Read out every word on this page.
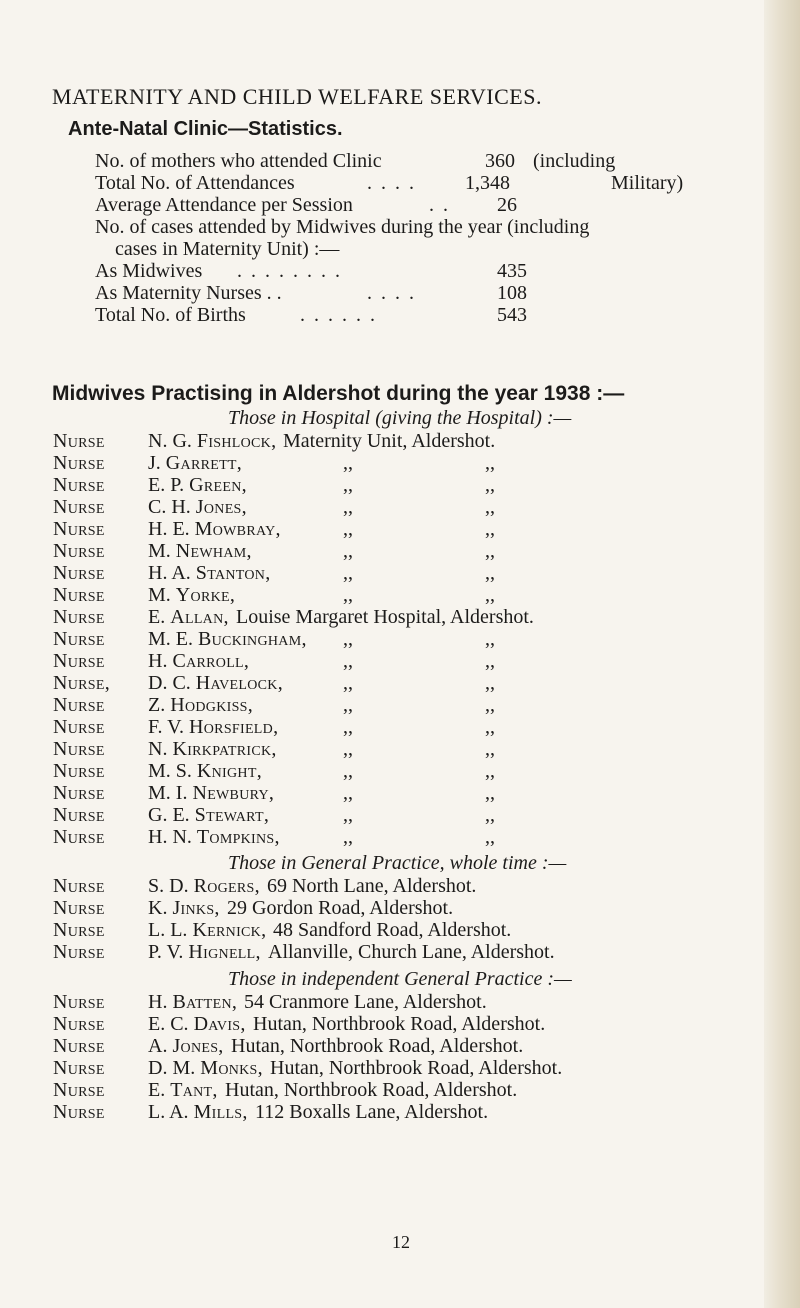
MATERNITY AND CHILD WELFARE SERVICES.
Ante-Natal Clinic—Statistics.
No. of mothers who attended Clinic	360 (including
Total No. of Attendances	. . . . 1,348	Military)
Average Attendance per Session	. . 26
No. of cases attended by Midwives during the year (including
cases in Maternity Unit) :—
As Midwives . . . . . . . .	435
As Maternity Nurses . .	. . . .	108
Total No. of Births	. . . . . .	543
Midwives Practising in Aldershot during the year 1938 :—
Those in Hospital (giving the Hospital) :—
Nurse N. G. Fishlock, Maternity Unit, Aldershot.
Nurse J. Garrett,	,,	,,
Nurse E. P. Green,	,,	,,
Nurse C. H. Jones,	,,	,,
Nurse H. E. Mowbray,	,,	,,
Nurse M. Newham,	,,	,,
Nurse H. A. Stanton,	,,	,,
Nurse M. Yorke,	,,	,,
Nurse E. Allan, Louise Margaret Hospital, Aldershot.
Nurse M. E. Buckingham, ,,	,,
Nurse H. Carroll,	,,	,,
Nurse, D. C. Havelock,	,,	,,
Nurse Z. Hodgkiss,	,,	,,
Nurse F. V. Horsfield,	,,	,,
Nurse N. Kirkpatrick,	,,	,,
Nurse M. S. Knight,	,,	,,
Nurse M. I. Newbury,	,,	,,
Nurse G. E. Stewart,	,,	,,
Nurse H. N. Tompkins,	,,	,,
Those in General Practice, whole time :—
Nurse S. D. Rogers, 69 North Lane, Aldershot.
Nurse K. Jinks, 29 Gordon Road, Aldershot.
Nurse L. L. Kernick, 48 Sandford Road, Aldershot.
Nurse P. V. Hignell, Allanville, Church Lane, Aldershot.
Those in independent General Practice :—
Nurse H. Batten, 54 Cranmore Lane, Aldershot.
Nurse E. C. Davis, Hutan, Northbrook Road, Aldershot.
Nurse A. Jones, Hutan, Northbrook Road, Aldershot.
Nurse D. M. Monks, Hutan, Northbrook Road, Aldershot.
Nurse E. Tant, Hutan, Northbrook Road, Aldershot.
Nurse L. A. Mills, 112 Boxalls Lane, Aldershot.
12
